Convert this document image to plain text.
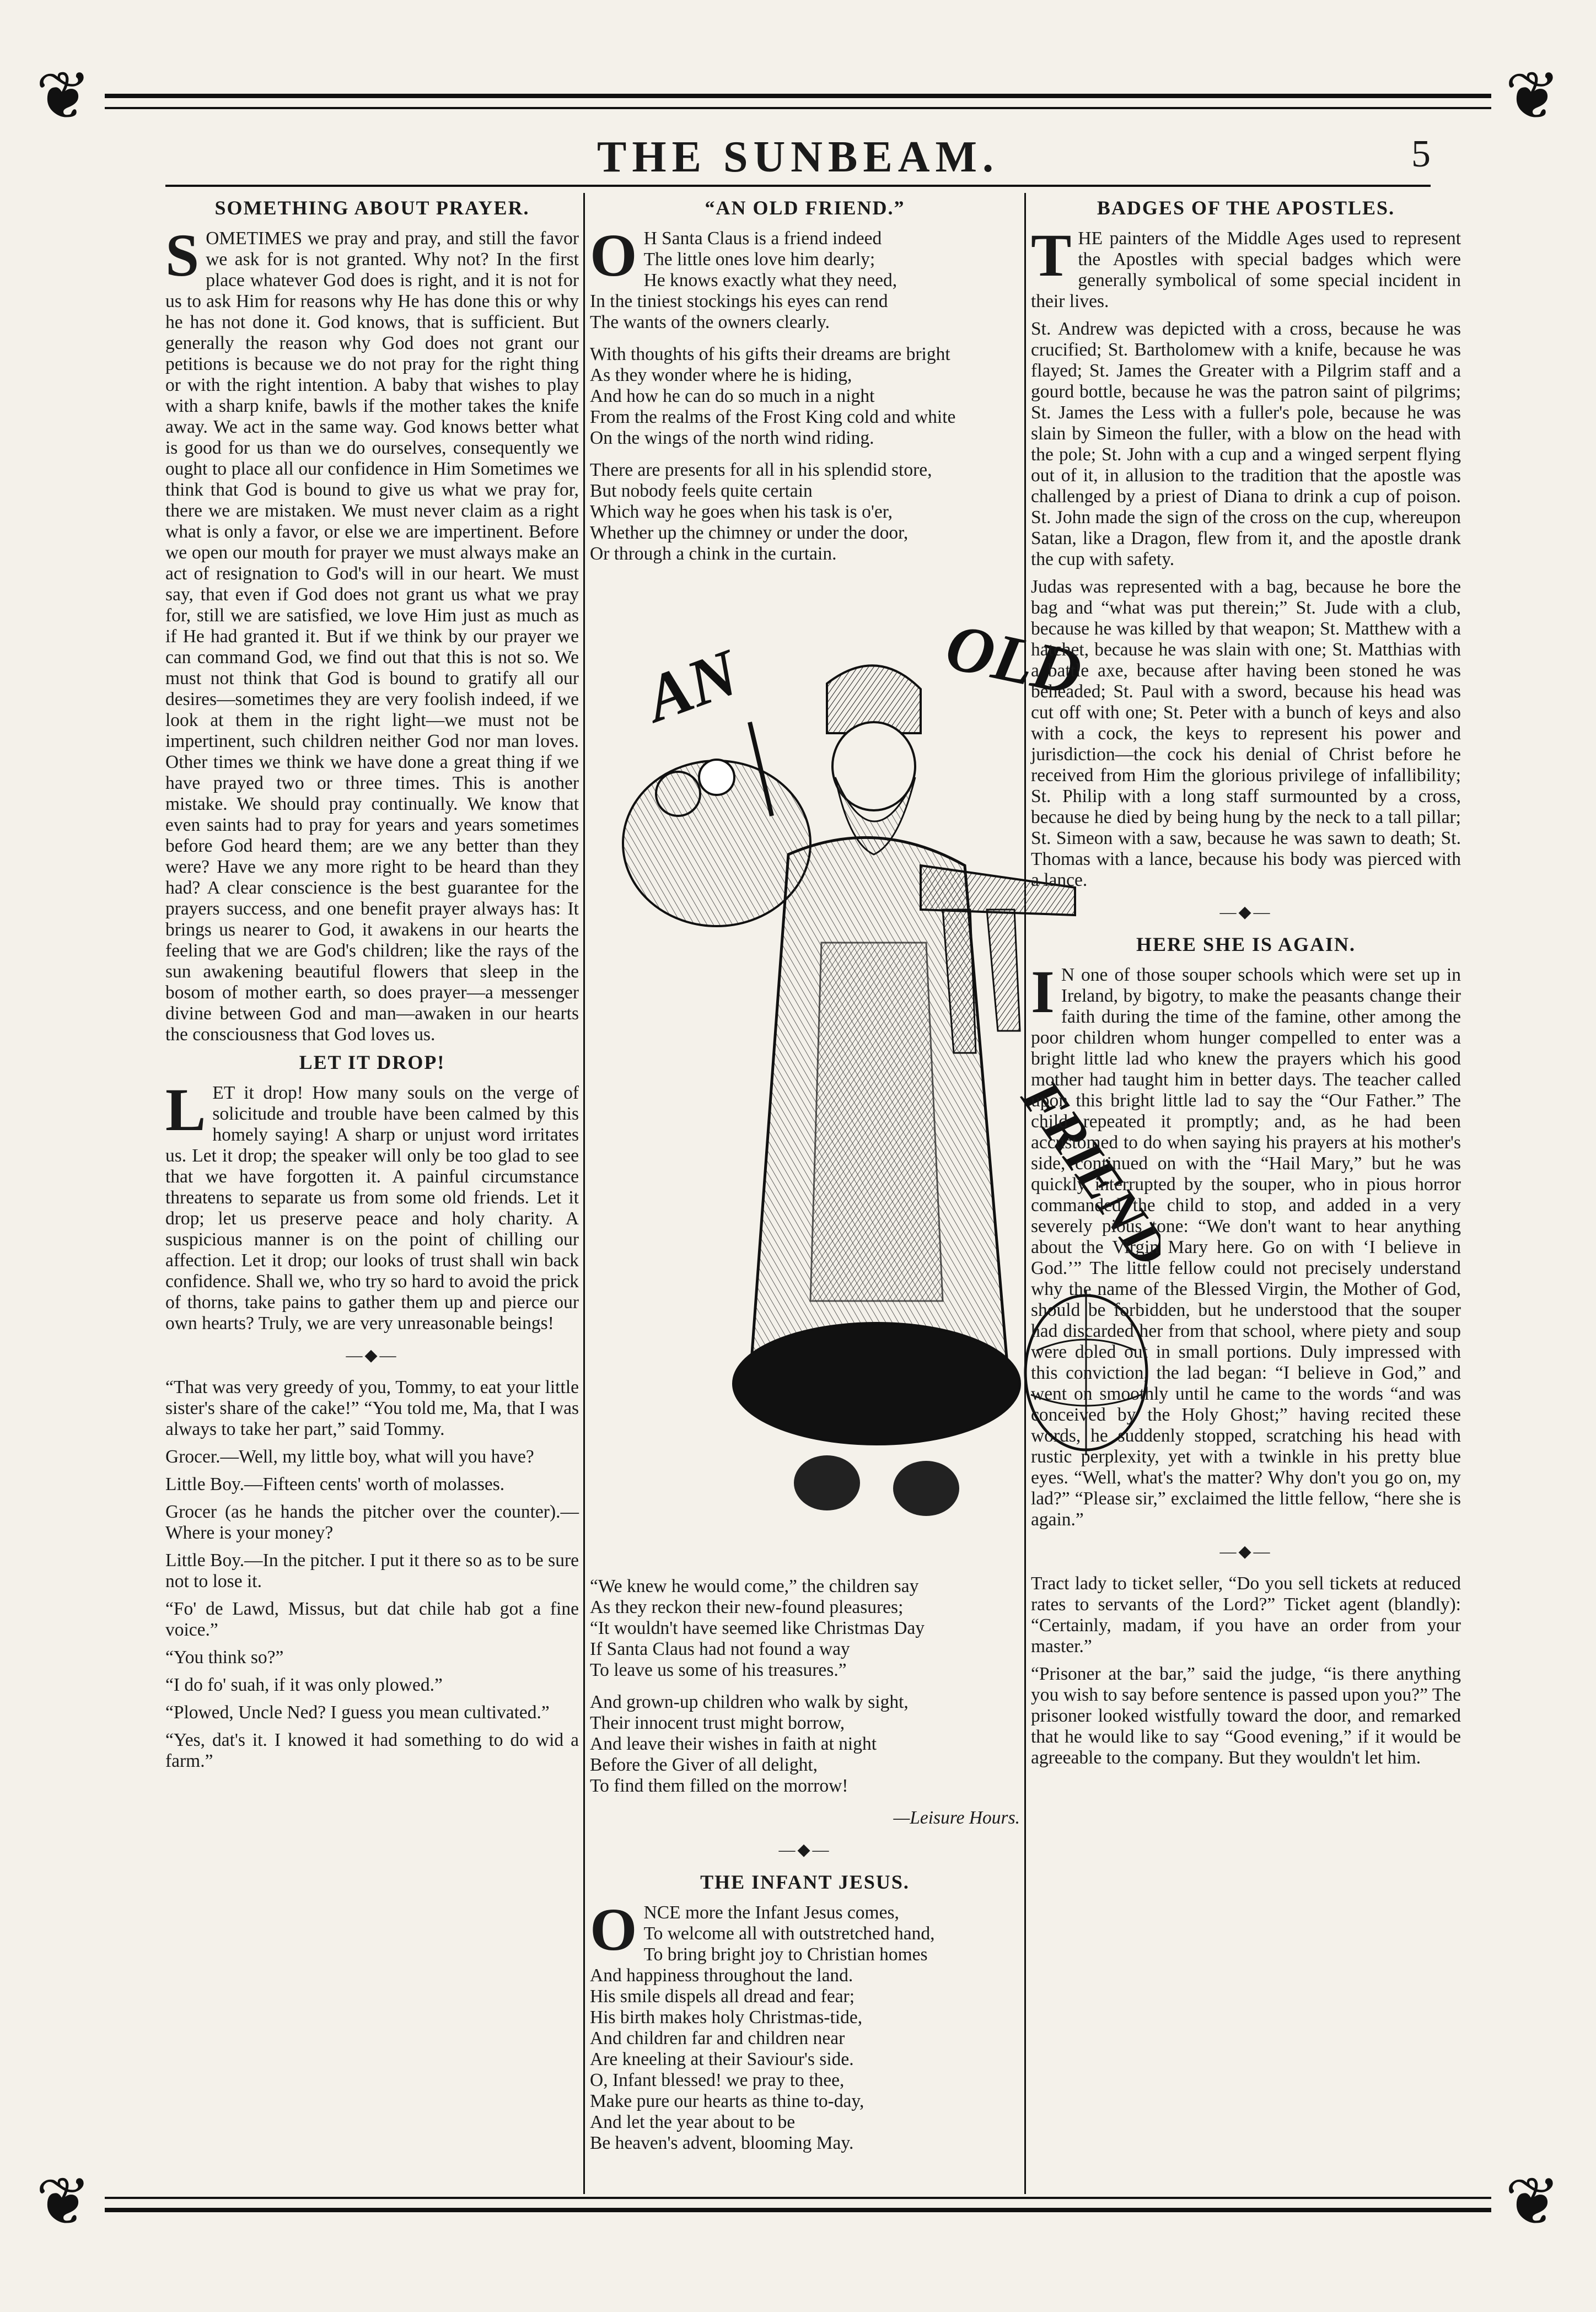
❦	❦
❦	❦
THE SUNBEAM.	5
SOMETHING ABOUT PRAYER.

SOMETIMES we pray and pray, and still the favor we ask for is not granted. Why not? In the first place whatever God does is right, and it is not for us to ask Him for reasons why He has done this or why he has not done it. God knows, that is sufficient. But generally the reason why God does not grant our petitions is because we do not pray for the right thing or with the right intention. A baby that wishes to play with a sharp knife, bawls if the mother takes the knife away. We act in the same way. God knows better what is good for us than we do ourselves, consequently we ought to place all our confidence in Him Sometimes we think that God is bound to give us what we pray for, there we are mistaken. We must never claim as a right what is only a favor, or else we are impertinent. Before we open our mouth for prayer we must always make an act of resignation to God's will in our heart. We must say, that even if God does not grant us what we pray for, still we are satisfied, we love Him just as much as if He had granted it. But if we think by our prayer we can command God, we find out that this is not so. We must not think that God is bound to gratify all our desires—sometimes they are very foolish indeed, if we look at them in the right light—we must not be impertinent, such children neither God nor man loves. Other times we think we have done a great thing if we have prayed two or three times. This is another mistake. We should pray continually. We know that even saints had to pray for years and years sometimes before God heard them; are we any better than they were? Have we any more right to be heard than they had? A clear conscience is the best guarantee for the prayers success, and one benefit prayer always has: It brings us nearer to God, it awakens in our hearts the feeling that we are God's children; like the rays of the sun awakening beautiful flowers that sleep in the bosom of mother earth, so does prayer—a messenger divine between God and man—awaken in our hearts the consciousness that God loves us.

LET IT DROP!

LET it drop! How many souls on the verge of solicitude and trouble have been calmed by this homely saying! A sharp or unjust word irritates us. Let it drop; the speaker will only be too glad to see that we have forgotten it. A painful circumstance threatens to separate us from some old friends. Let it drop; let us preserve peace and holy charity. A suspicious manner is on the point of chilling our affection. Let it drop; our looks of trust shall win back confidence. Shall we, who try so hard to avoid the prick of thorns, take pains to gather them up and pierce our own hearts? Truly, we are very unreasonable beings!

―◆―

“That was very greedy of you, Tommy, to eat your little sister's share of the cake!” “You told me, Ma, that I was always to take her part,” said Tommy.

Grocer.—Well, my little boy, what will you have?

Little Boy.—Fifteen cents' worth of molasses.

Grocer (as he hands the pitcher over the counter).—Where is your money?

Little Boy.—In the pitcher. I put it there so as to be sure not to lose it.

“Fo' de Lawd, Missus, but dat chile hab got a fine voice.”

“You think so?”

“I do fo' suah, if it was only plowed.”

“Plowed, Uncle Ned? I guess you mean cultivated.”

“Yes, dat's it. I knowed it had something to do wid a farm.”

“AN OLD FRIEND.”
O H Santa Claus is a friend indeed
The little ones love him dearly;
He knows exactly what they need,
In the tiniest stockings his eyes can rend
The wants of the owners clearly.
With thoughts of his gifts their dreams are bright
As they wonder where he is hiding,
And how he can do so much in a night
From the realms of the Frost King cold and white
On the wings of the north wind riding.
There are presents for all in his splendid store,
But nobody feels quite certain
Which way he goes when his task is o'er,
Whether up the chimney or under the door,
Or through a chink in the curtain.
“We knew he would come,” the children say
As they reckon their new-found pleasures;
“It wouldn't have seemed like Christmas Day
If Santa Claus had not found a way
To leave us some of his treasures.”
And grown-up children who walk by sight,
Their innocent trust might borrow,
And leave their wishes in faith at night
Before the Giver of all delight,
To find them filled on the morrow!
—Leisure Hours.
―◆―
THE INFANT JESUS.
ONCE more the Infant Jesus comes,
To welcome all with outstretched hand,
To bring bright joy to Christian homes
And happiness throughout the land.
His smile dispels all dread and fear;
His birth makes holy Christmas-tide,
And children far and children near
Are kneeling at their Saviour's side.
O, Infant blessed! we pray to thee,
Make pure our hearts as thine to-day,
And let the year about to be
Be heaven's advent, blooming May.
AN	OLD
FRIEND
BADGES OF THE APOSTLES.

THE painters of the Middle Ages used to represent the Apostles with special badges which were generally symbolical of some special incident in their lives.

St. Andrew was depicted with a cross, because he was crucified; St. Bartholomew with a knife, because he was flayed; St. James the Greater with a Pilgrim staff and a gourd bottle, because he was the patron saint of pilgrims; St. James the Less with a fuller's pole, because he was slain by Simeon the fuller, with a blow on the head with the pole; St. John with a cup and a winged serpent flying out of it, in allusion to the tradition that the apostle was challenged by a priest of Diana to drink a cup of poison. St. John made the sign of the cross on the cup, whereupon Satan, like a Dragon, flew from it, and the apostle drank the cup with safety.

Judas was represented with a bag, because he bore the bag and “what was put therein;” St. Jude with a club, because he was killed by that weapon; St. Matthew with a hatchet, because he was slain with one; St. Matthias with a battle axe, because after having been stoned he was beheaded; St. Paul with a sword, because his head was cut off with one; St. Peter with a bunch of keys and also with a cock, the keys to represent his power and jurisdiction—the cock his denial of Christ before he received from Him the glorious privilege of infallibility; St. Philip with a long staff surmounted by a cross, because he died by being hung by the neck to a tall pillar; St. Simeon with a saw, because he was sawn to death; St. Thomas with a lance, because his body was pierced with a lance.

―◆―
HERE SHE IS AGAIN.

I N one of those souper schools which were set up in Ireland, by bigotry, to make the peasants change their faith during the time of the famine, other among the poor children whom hunger compelled to enter was a bright little lad who knew the prayers which his good mother had taught him in better days. The teacher called upon this bright little lad to say the “Our Father.” The child repeated it promptly; and, as he had been accustomed to do when saying his prayers at his mother's side, continued on with the “Hail Mary,” but he was quickly interrupted by the souper, who in pious horror commanded the child to stop, and added in a very severely pious tone: “We don't want to hear anything about the Virgin Mary here. Go on with ‘I believe in God.’” The little fellow could not precisely understand why the name of the Blessed Virgin, the Mother of God, should be forbidden, but he understood that the souper had discarded her from that school, where piety and soup were doled out in small portions. Duly impressed with this conviction, the lad began: “I believe in God,” and went on smoothly until he came to the words “and was conceived by the Holy Ghost;” having recited these words, he suddenly stopped, scratching his head with rustic perplexity, yet with a twinkle in his pretty blue eyes. “Well, what's the matter? Why don't you go on, my lad?” “Please sir,” exclaimed the little fellow, “here she is again.”

―◆―

Tract lady to ticket seller, “Do you sell tickets at reduced rates to servants of the Lord?” Ticket agent (blandly): “Certainly, madam, if you have an order from your master.”

“Prisoner at the bar,” said the judge, “is there anything you wish to say before sentence is passed upon you?” The prisoner looked wistfully toward the door, and remarked that he would like to say “Good evening,” if it would be agreeable to the company. But they wouldn't let him.
